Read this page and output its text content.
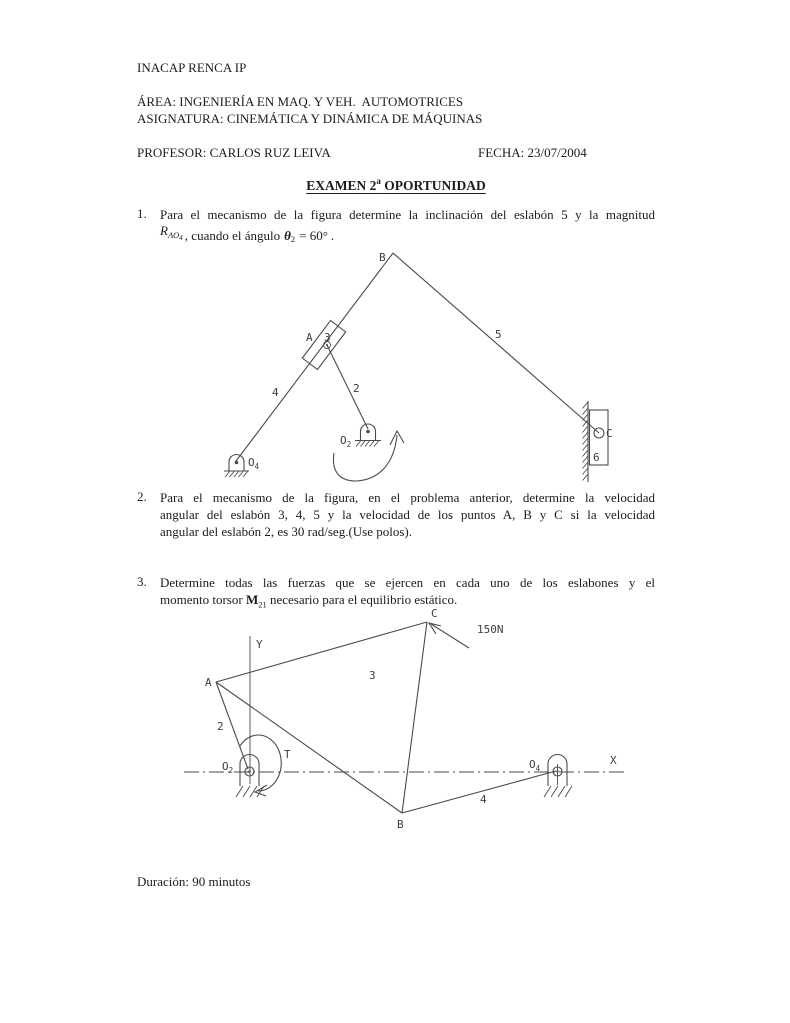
INACAP RENCA IP
ÁREA: INGENIERÍA EN MAQ. Y VEH.  AUTOMOTRICES
ASIGNATURA: CINEMÁTICA Y DINÁMICA DE MÁQUINAS
PROFESOR: CARLOS RUZ LEIVA	FECHA: 23/07/2004
EXAMEN 2$^a$ OPORTUNIDAD
1. Para el mecanismo de la figura determine la inclinación del eslabón 5 y la magnitud
RAO4 , cuando el ángulo θ2 = 60° .
B
5
A 3
4	2
$O_2$
$O_4$
C
6
2. Para el mecanismo de la figura, en el problema anterior, determine la velocidad
angular del eslabón 3, 4, 5 y la velocidad de los puntos A, B y C si la velocidad
angular del eslabón 2, es 30 rad/seg.(Use polos).
3. Determine todas las fuerzas que se ejercen en cada uno de los eslabones y el
momento torsor $M_{21}$ necesario para el equilibrio estático.
Y
X
A
C
B
2
3
4
T
150N
$O_2$	$O_4$
Duración: 90 minutos
